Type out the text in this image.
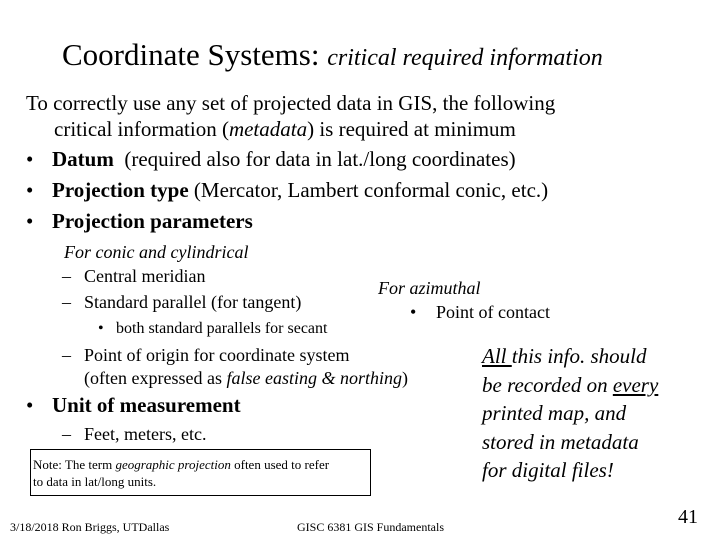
Coordinate Systems: critical required information
To correctly use any set of projected data in GIS, the following
critical information (metadata) is required at minimum
• Datum (required also for data in lat./long coordinates)
• Projection type (Mercator, Lambert conformal conic, etc.)
• Projection parameters
For conic and cylindrical
– Central meridian
– Standard parallel (for tangent)
• both standard parallels for secant
– Point of origin for coordinate system
(often expressed as false easting & northing)
For azimuthal
• Point of contact
• Unit of measurement
– Feet, meters, etc.
Note: The term geographic projection often used to refer
to data in lat/long units.
All this info. should
be recorded on every
printed map, and
stored in metadata
for digital files!
3/18/2018 Ron Briggs, UTDallas	GISC 6381 GIS Fundamentals	41
